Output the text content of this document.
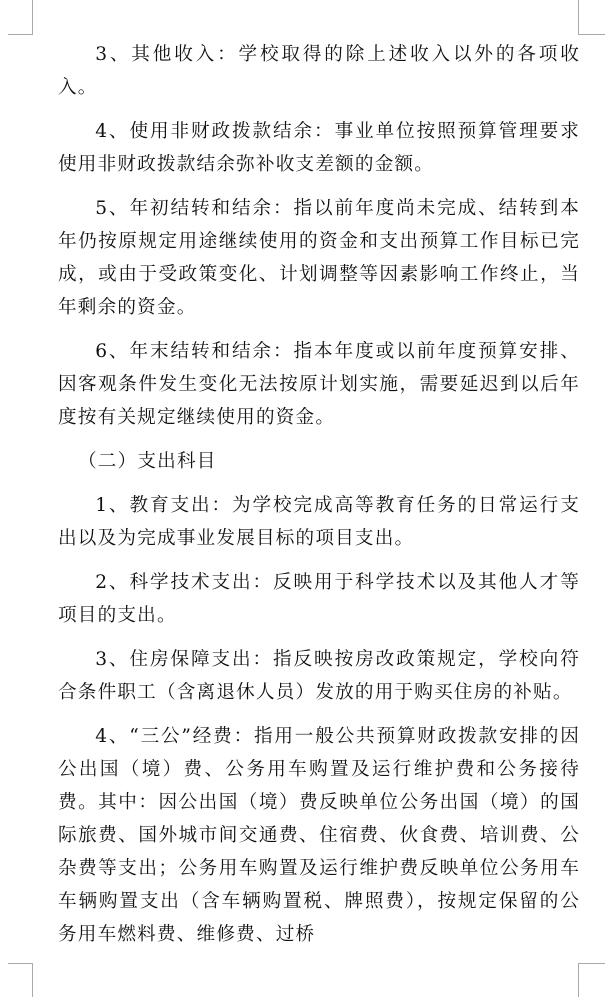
3、其他收入：学校取得的除上述收入以外的各项收入。

4、使用非财政拨款结余：事业单位按照预算管理要求使用非财政拨款结余弥补收支差额的金额。

5、年初结转和结余：指以前年度尚未完成、结转到本年仍按原规定用途继续使用的资金和支出预算工作目标已完成，或由于受政策变化、计划调整等因素影响工作终止，当年剩余的资金。

6、年末结转和结余：指本年度或以前年度预算安排、因客观条件发生变化无法按原计划实施，需要延迟到以后年度按有关规定继续使用的资金。

（二）支出科目

1、教育支出：为学校完成高等教育任务的日常运行支出以及为完成事业发展目标的项目支出。

2、科学技术支出：反映用于科学技术以及其他人才等项目的支出。

3、住房保障支出：指反映按房改政策规定，学校向符合条件职工（含离退休人员）发放的用于购买住房的补贴。

4、“三公”经费：指用一般公共预算财政拨款安排的因公出国（境）费、公务用车购置及运行维护费和公务接待费。其中：因公出国（境）费反映单位公务出国（境）的国际旅费、国外城市间交通费、住宿费、伙食费、培训费、公杂费等支出；公务用车购置及运行维护费反映单位公务用车车辆购置支出（含车辆购置税、牌照费），按规定保留的公务用车燃料费、维修费、过桥
